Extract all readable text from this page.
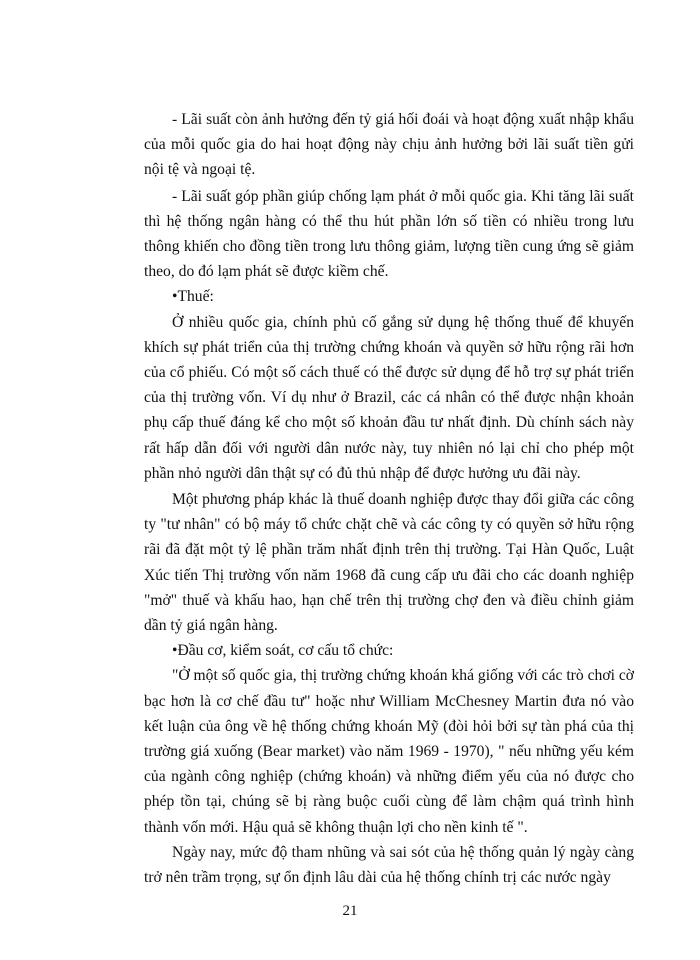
- Lãi suất còn ảnh hưởng đến tỷ giá hối đoái và hoạt động xuất nhập khẩu của mỗi quốc gia do hai hoạt động này chịu ảnh hưởng bởi lãi suất tiền gửi nội tệ và ngoại tệ.

- Lãi suất góp phần giúp chống lạm phát ở mỗi quốc gia. Khi tăng lãi suất thì hệ thống ngân hàng có thể thu hút phần lớn số tiền có nhiều trong lưu thông khiến cho đồng tiền trong lưu thông giảm, lượng tiền cung ứng sẽ giảm theo, do đó lạm phát sẽ được kiềm chế.

•Thuế:

Ở nhiều quốc gia, chính phủ cố gắng sử dụng hệ thống thuế để khuyến khích sự phát triển của thị trường chứng khoán và quyền sở hữu rộng rãi hơn của cổ phiếu. Có một số cách thuế có thể được sử dụng để hỗ trợ sự phát triển của thị trường vốn. Ví dụ như ở Brazil, các cá nhân có thể được nhận khoản phụ cấp thuế đáng kể cho một số khoản đầu tư nhất định. Dù chính sách này rất hấp dẫn đối với người dân nước này, tuy nhiên nó lại chỉ cho phép một phần nhỏ người dân thật sự có đủ thủ nhập để được hưởng ưu đãi này.

Một phương pháp khác là thuế doanh nghiệp được thay đổi giữa các công ty "tư nhân" có bộ máy tổ chức chặt chẽ và các công ty có quyền sở hữu rộng rãi đã đặt một tỷ lệ phần trăm nhất định trên thị trường. Tại Hàn Quốc, Luật Xúc tiến Thị trường vốn năm 1968 đã cung cấp ưu đãi cho các doanh nghiệp "mở" thuế và khấu hao, hạn chế trên thị trường chợ đen và điều chỉnh giảm dần tỷ giá ngân hàng.

•Đầu cơ, kiểm soát, cơ cấu tổ chức:

"Ở một số quốc gia, thị trường chứng khoán khá giống với các trò chơi cờ bạc hơn là cơ chế đầu tư" hoặc như William McChesney Martin đưa nó vào kết luận của ông về hệ thống chứng khoán Mỹ (đòi hỏi bởi sự tàn phá của thị trường giá xuống (Bear market) vào năm 1969 - 1970), " nếu những yếu kém của ngành công nghiệp (chứng khoán) và những điểm yếu của nó được cho phép tồn tại, chúng sẽ bị ràng buộc cuối cùng để làm chậm quá trình hình thành vốn mới. Hậu quả sẽ không thuận lợi cho nền kinh tế ".

Ngày nay, mức độ tham nhũng và sai sót của hệ thống quản lý ngày càng trở nên trầm trọng, sự ổn định lâu dài của hệ thống chính trị các nước ngày

21
